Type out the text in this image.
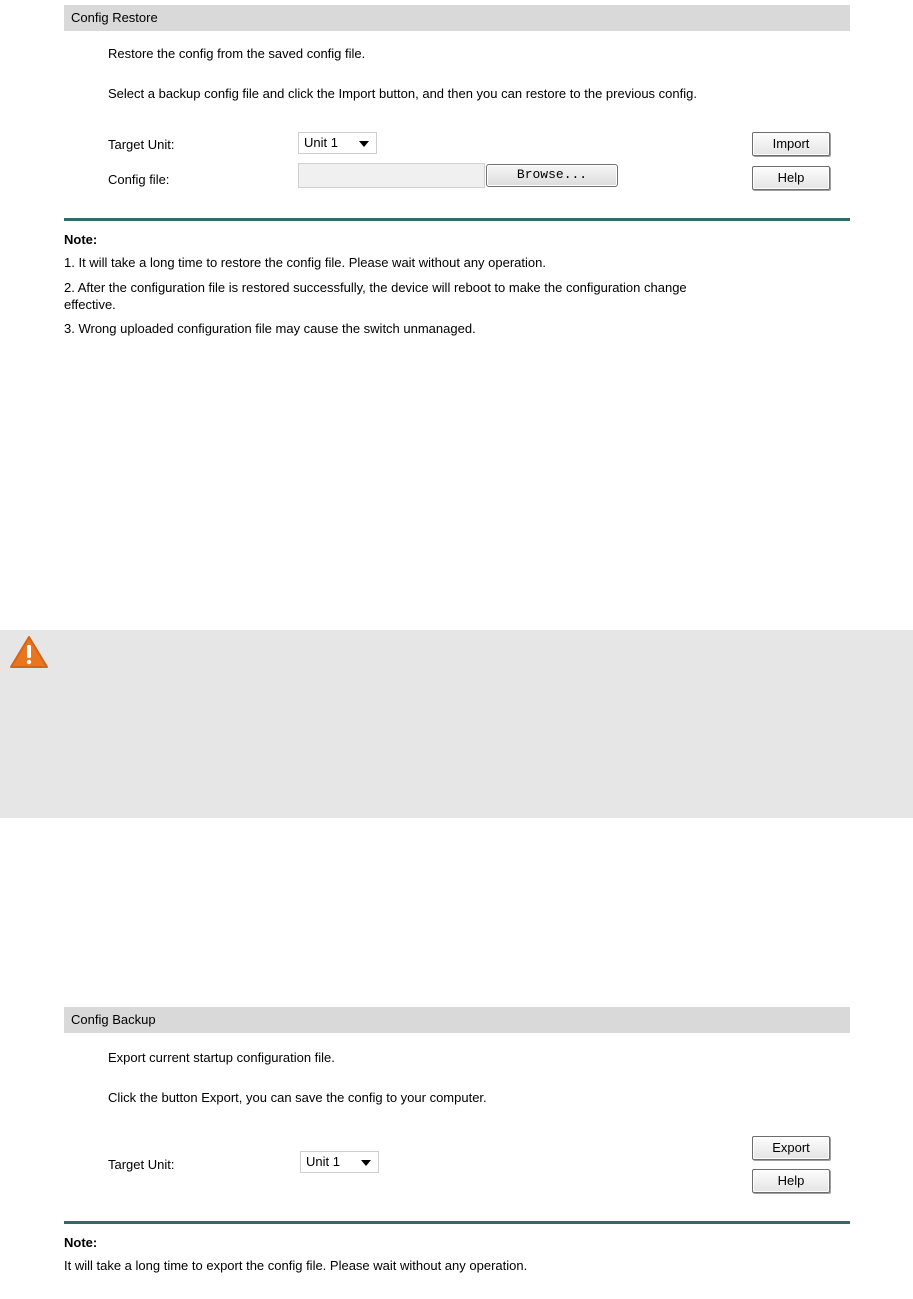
Config Restore
Restore the config from the saved config file.
Select a backup config file and click the Import button, and then you can restore to the previous config.
Target Unit:	Unit 1
Config file:	Browse...
Import
Help
Note:
1. It will take a long time to restore the config file. Please wait without any operation.
2. After the configuration file is restored successfully, the device will reboot to make the configuration change
effective.
3. Wrong uploaded configuration file may cause the switch unmanaged.
Config Backup
Export current startup configuration file.
Click the button Export, you can save the config to your computer.
Target Unit:	Unit 1
Export
Help
Note:
It will take a long time to export the config file. Please wait without any operation.
